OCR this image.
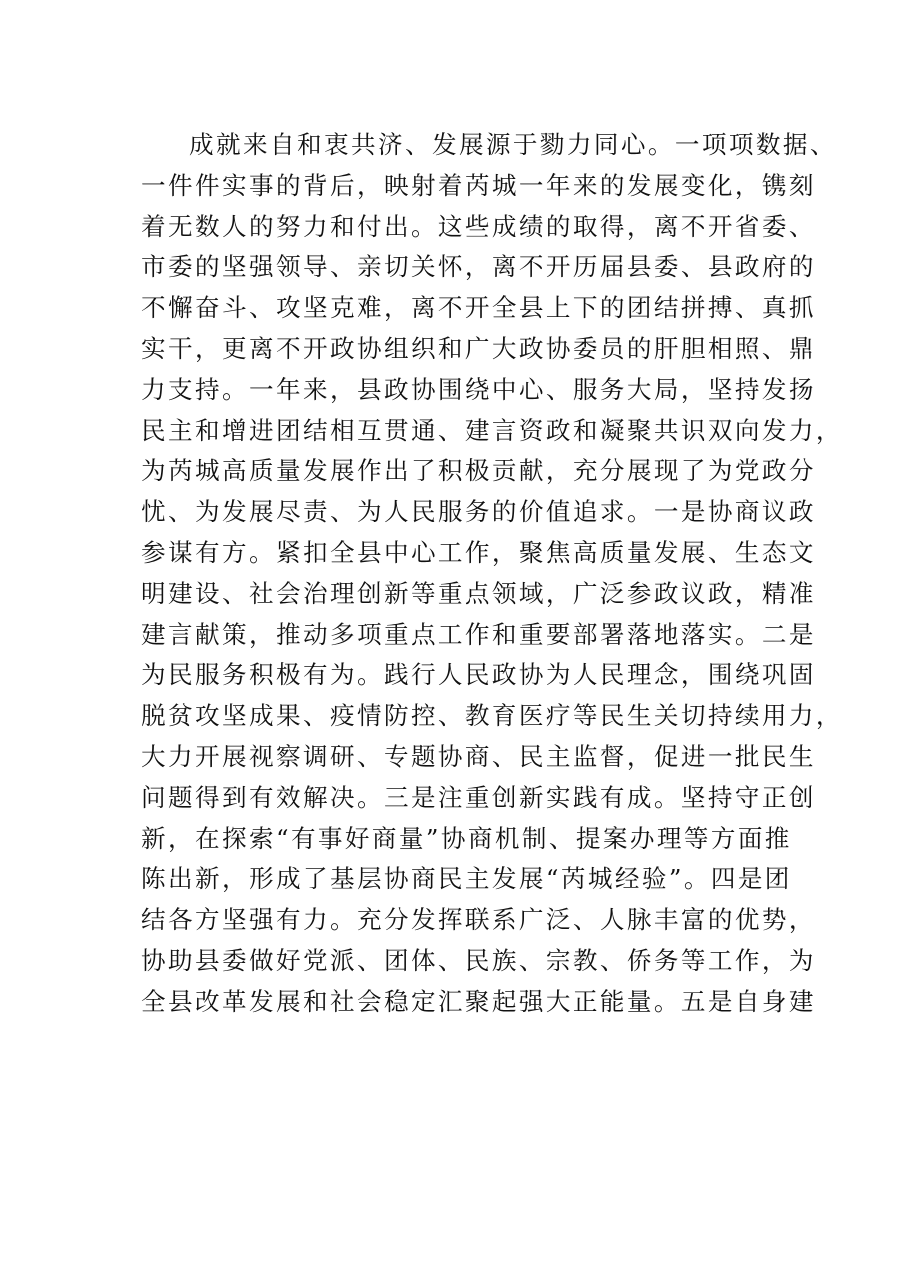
成就来自和衷共济、发展源于勠力同心。一项项数据、
一件件实事的背后，映射着芮城一年来的发展变化，镌刻
着无数人的努力和付出。这些成绩的取得，离不开省委、
市委的坚强领导、亲切关怀，离不开历届县委、县政府的
不懈奋斗、攻坚克难，离不开全县上下的团结拼搏、真抓
实干，更离不开政协组织和广大政协委员的肝胆相照、鼎
力支持。一年来，县政协围绕中心、服务大局，坚持发扬
民主和增进团结相互贯通、建言资政和凝聚共识双向发力，
为芮城高质量发展作出了积极贡献，充分展现了为党政分
忧、为发展尽责、为人民服务的价值追求。一是协商议政
参谋有方。紧扣全县中心工作，聚焦高质量发展、生态文
明建设、社会治理创新等重点领域，广泛参政议政，精准
建言献策，推动多项重点工作和重要部署落地落实。二是
为民服务积极有为。践行人民政协为人民理念，围绕巩固
脱贫攻坚成果、疫情防控、教育医疗等民生关切持续用力，
大力开展视察调研、专题协商、民主监督，促进一批民生
问题得到有效解决。三是注重创新实践有成。坚持守正创
新，在探索“有事好商量”协商机制、提案办理等方面推
陈出新，形成了基层协商民主发展“芮城经验”。四是团
结各方坚强有力。充分发挥联系广泛、人脉丰富的优势，
协助县委做好党派、团体、民族、宗教、侨务等工作，为
全县改革发展和社会稳定汇聚起强大正能量。五是自身建
